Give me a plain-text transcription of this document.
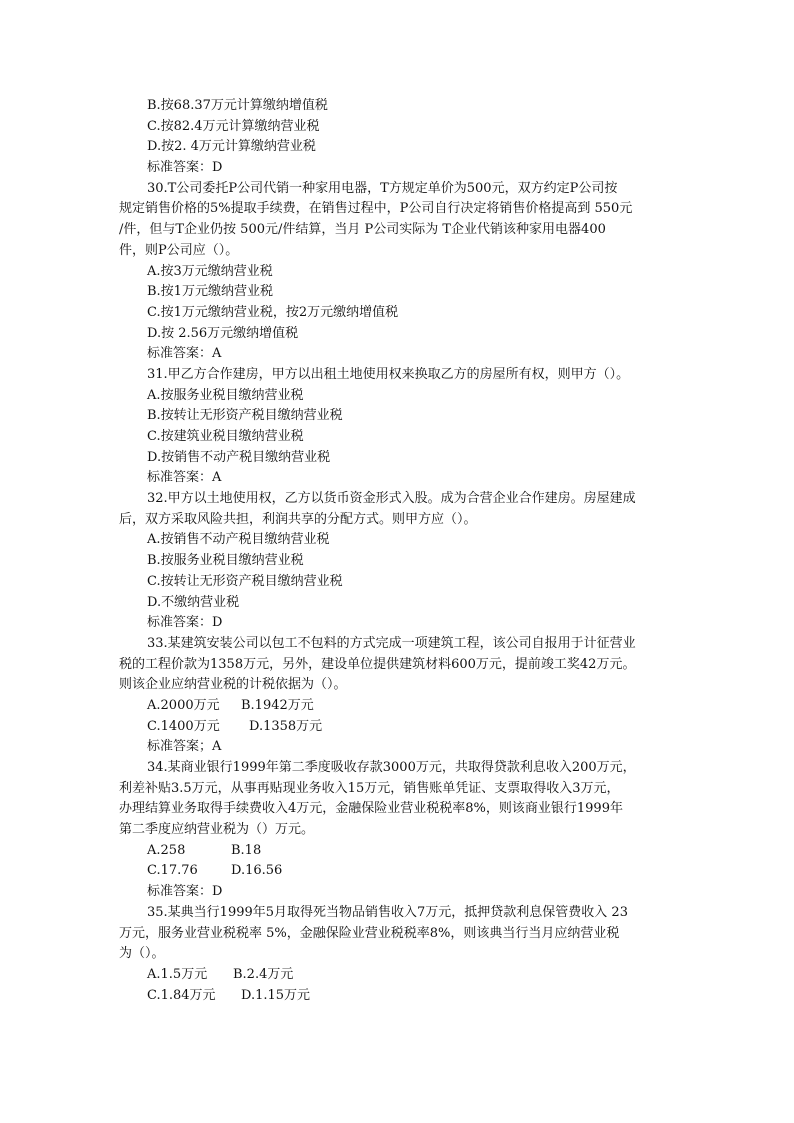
B.按68.37万元计算缴纳增值税
C.按82.4万元计算缴纳营业税
D.按2. 4万元计算缴纳营业税
标准答案：D
30.T公司委托P公司代销一种家用电器，T方规定单价为500元，双方约定P公司按
规定销售价格的5%提取手续费，在销售过程中，P公司自行决定将销售价格提高到 550元
/件，但与T企业仍按 500元/件结算，当月 P公司实际为 T企业代销该种家用电器400
件，则P公司应（）。
A.按3万元缴纳营业税
B.按1万元缴纳营业税
C.按1万元缴纳营业税，按2万元缴纳增值税
D.按 2.56万元缴纳增值税
标准答案：A
31.甲乙方合作建房，甲方以出租土地使用权来换取乙方的房屋所有权，则甲方（）。
A.按服务业税目缴纳营业税
B.按转让无形资产税目缴纳营业税
C.按建筑业税目缴纳营业税
D.按销售不动产税目缴纳营业税
标准答案：A
32.甲方以土地使用权，乙方以货币资金形式入股。成为合营企业合作建房。房屋建成
后，双方采取风险共担，利润共享的分配方式。则甲方应（）。
A.按销售不动产税目缴纳营业税
B.按服务业税目缴纳营业税
C.按转让无形资产税目缴纳营业税
D.不缴纳营业税
标准答案：D
33.某建筑安装公司以包工不包料的方式完成一项建筑工程，该公司自报用于计征营业
税的工程价款为1358万元，另外，建设单位提供建筑材料600万元，提前竣工奖42万元。
则该企业应纳营业税的计税依据为（）。
A.2000万元	B.1942万元
C.1400万元	D.1358万元
标准答案；A
34.某商业银行1999年第二季度吸收存款3000万元，共取得贷款利息收入200万元，
利差补贴3.5万元，从事再贴现业务收入15万元，销售账单凭证、支票取得收入3万元，
办理结算业务取得手续费收入4万元，金融保险业营业税税率8%，则该商业银行1999年
第二季度应纳营业税为（）万元。
A.258	B.18
C.17.76	D.16.56
标准答案：D
35.某典当行1999年5月取得死当物品销售收入7万元，抵押贷款利息保管费收入 23
万元，服务业营业税税率 5%，金融保险业营业税税率8%，则该典当行当月应纳营业税
为（）。
A.1.5万元	B.2.4万元
C.1.84万元	D.1.15万元
